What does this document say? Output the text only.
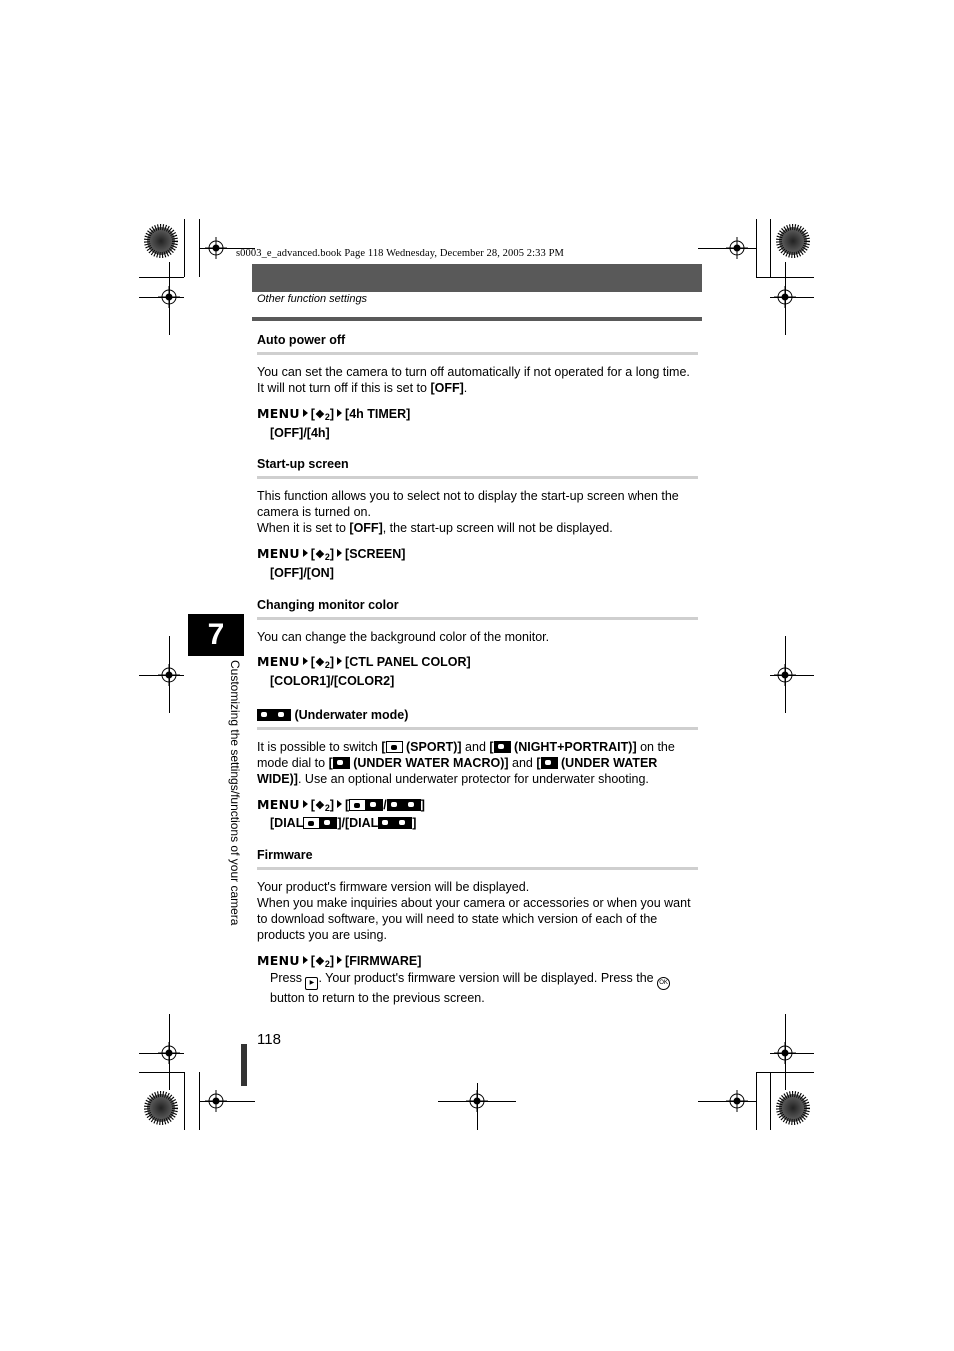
s0003_e_advanced.book Page 118 Wednesday, December 28, 2005 2:33 PM
Other function settings
7
Customizing the settings/functions of your camera
Auto power off
You can set the camera to turn off automatically if not operated for a long time.
It will not turn off if this is set to [OFF].
MENU [❖2] [4h TIMER]
[OFF]/[4h]
Start-up screen
This function allows you to select not to display the start-up screen when the
camera is turned on.
When it is set to [OFF], the start-up screen will not be displayed.
MENU [❖2] [SCREEN]
[OFF]/[ON]
Changing monitor color
You can change the background color of the monitor.
MENU [❖2] [CTL PANEL COLOR]
[COLOR1]/[COLOR2]
(Underwater mode)
It is possible to switch [ (SPORT)] and [ (NIGHT+PORTRAIT)] on the
mode dial to [ (UNDER WATER MACRO)] and [ (UNDER WATER
WIDE)]. Use an optional underwater protector for underwater shooting.
MENU [❖2] [	/	]
[DIAL	]/[DIAL	]
Firmware
Your product's firmware version will be displayed.
When you make inquiries about your camera or accessories or when you want
to download software, you will need to state which version of each of the
products you are using.
MENU [❖2] [FIRMWARE]
Press ▶ . Your product's firmware version will be displayed. Press the OK
button to return to the previous screen.
118
